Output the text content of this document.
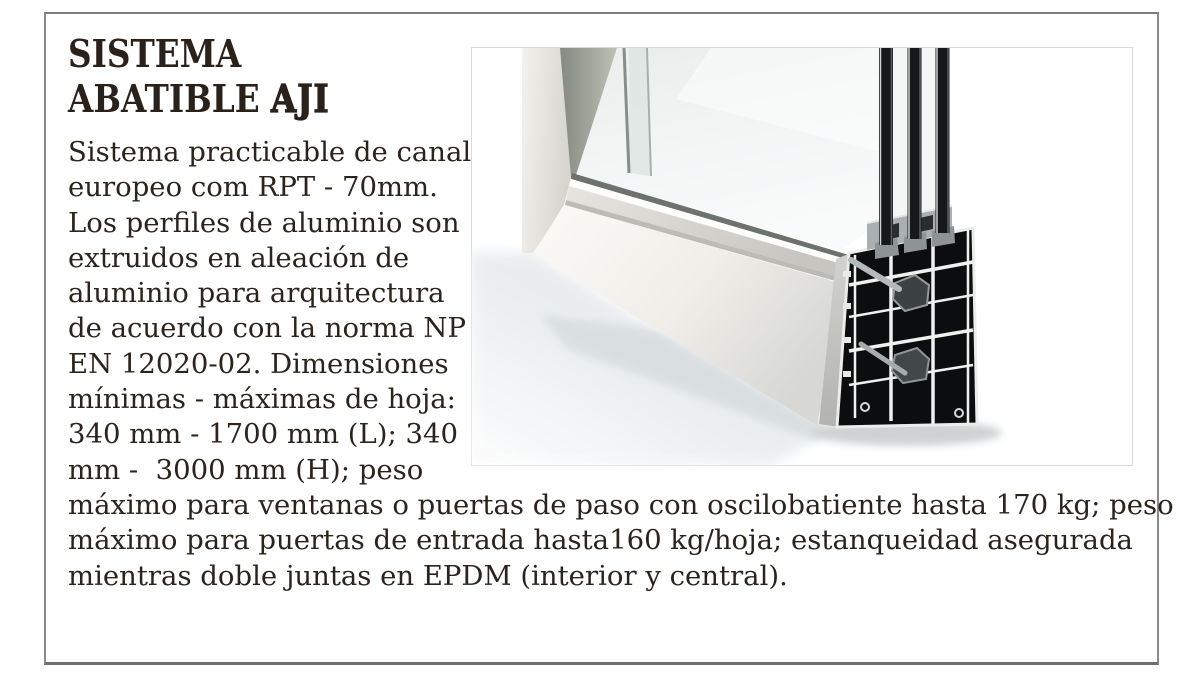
SISTEMA
ABATIBLE AJI
Sistema practicable de canal
europeo com RPT - 70mm.
Los perfiles de aluminio son
extruidos en aleación de
aluminio para arquitectura
de acuerdo con la norma NP
EN 12020-02. Dimensiones
mínimas - máximas de hoja:
340 mm - 1700 mm (L); 340
mm -  3000 mm (H); peso
máximo para ventanas o puertas de paso con oscilobatiente hasta 170 kg; peso
máximo para puertas de entrada hasta160 kg/hoja; estanqueidad asegurada
mientras doble juntas en EPDM (interior y central).
